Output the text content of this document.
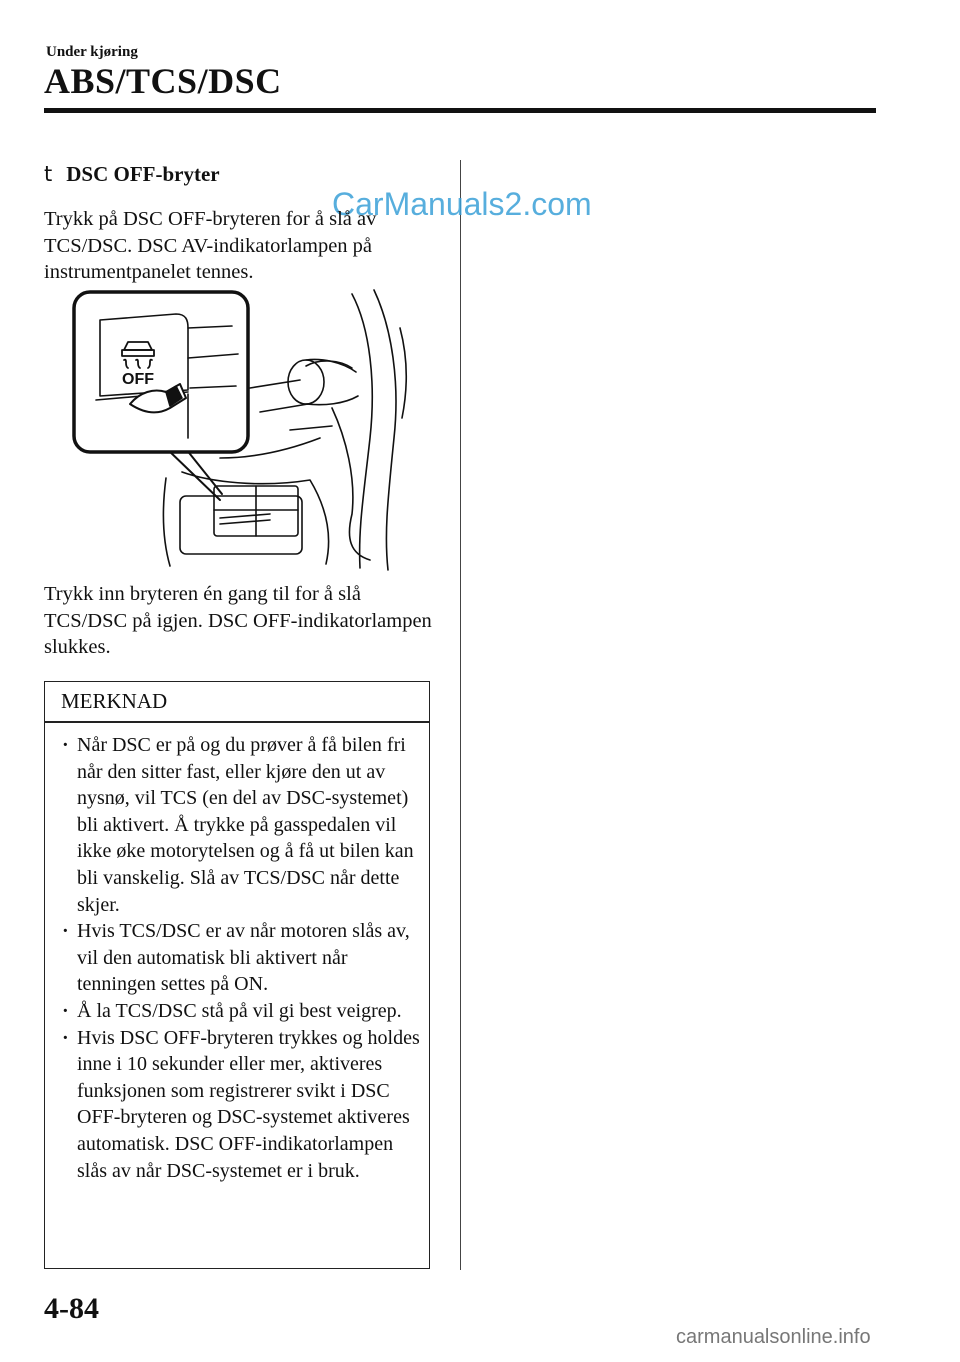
Under kjøring
ABS/TCS/DSC
t DSC OFF-bryter
CarManuals2.com
Trykk på DSC OFF-bryteren for å slå av TCS/DSC. DSC AV-indikatorlampen på instrumentpanelet tennes.
OFF
Trykk inn bryteren én gang til for å slå TCS/DSC på igjen. DSC OFF-indikatorlampen slukkes.
MERKNAD
· Når DSC er på og du prøver å få bilen fri når den sitter fast, eller kjøre den ut av nysnø, vil TCS (en del av DSC-systemet) bli aktivert. Å trykke på gasspedalen vil ikke øke motorytelsen og å få ut bilen kan bli vanskelig. Slå av TCS/DSC når dette skjer.
· Hvis TCS/DSC er av når motoren slås av, vil den automatisk bli aktivert når tenningen settes på ON.
· Å la TCS/DSC stå på vil gi best veigrep.
· Hvis DSC OFF-bryteren trykkes og holdes inne i 10 sekunder eller mer, aktiveres funksjonen som registrerer svikt i DSC OFF-bryteren og DSC-systemet aktiveres automatisk. DSC OFF-indikatorlampen slås av når DSC-systemet er i bruk.
4-84
carmanualsonline.info
